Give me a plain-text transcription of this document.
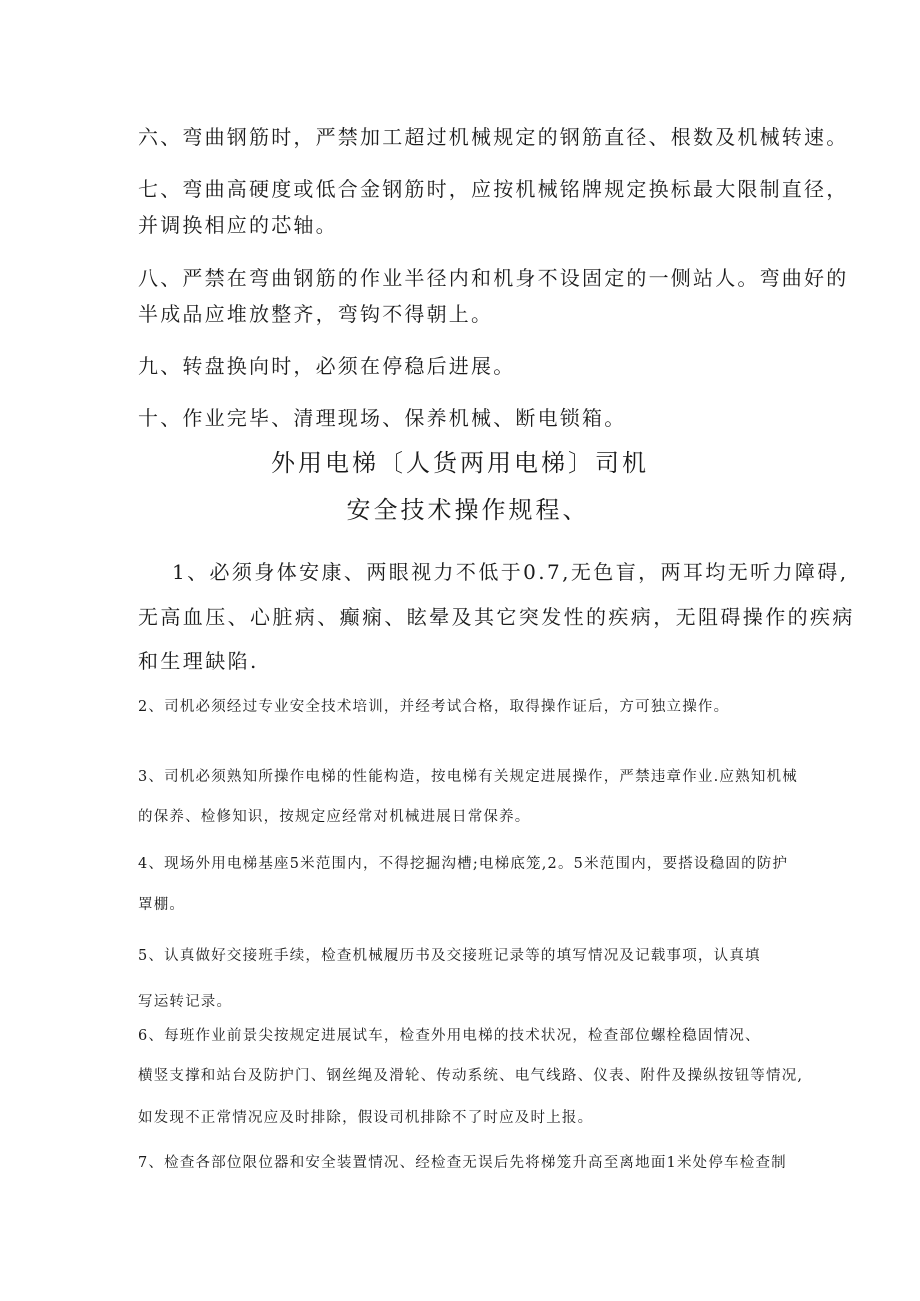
六、弯曲钢筋时，严禁加工超过机械规定的钢筋直径、根数及机械转速。

七、弯曲高硬度或低合金钢筋时，应按机械铭牌规定换标最大限制直径，

并调换相应的芯轴。

八、严禁在弯曲钢筋的作业半径内和机身不设固定的一侧站人。弯曲好的

半成品应堆放整齐，弯钩不得朝上。

九、转盘换向时，必须在停稳后进展。

十、作业完毕、清理现场、保养机械、断电锁箱。

外用电梯〔人货两用电梯〕司机

安全技术操作规程、

1、必须身体安康、两眼视力不低于0.7,无色盲，两耳均无听力障碍,

无高血压、心脏病、癫痫、眩晕及其它突发性的疾病，无阻碍操作的疾病

和生理缺陷.

2、司机必须经过专业安全技术培训，并经考试合格，取得操作证后，方可独立操作。

3、司机必须熟知所操作电梯的性能构造，按电梯有关规定进展操作，严禁违章作业.应熟知机械

的保养、检修知识，按规定应经常对机械进展日常保养。

4、现场外用电梯基座5米范围内，不得挖掘沟槽;电梯底笼,2。5米范围内，要搭设稳固的防护

罩棚。

5、认真做好交接班手续，检查机械履历书及交接班记录等的填写情况及记载事项，认真填

写运转记录。

6、每班作业前景尖按规定进展试车，检查外用电梯的技术状况，检查部位螺栓稳固情况、

横竖支撑和站台及防护门、钢丝绳及滑轮、传动系统、电气线路、仪表、附件及操纵按钮等情况,

如发现不正常情况应及时排除，假设司机排除不了时应及时上报。

7、检查各部位限位器和安全装置情况、经检查无误后先将梯笼升高至离地面1米处停车检查制
